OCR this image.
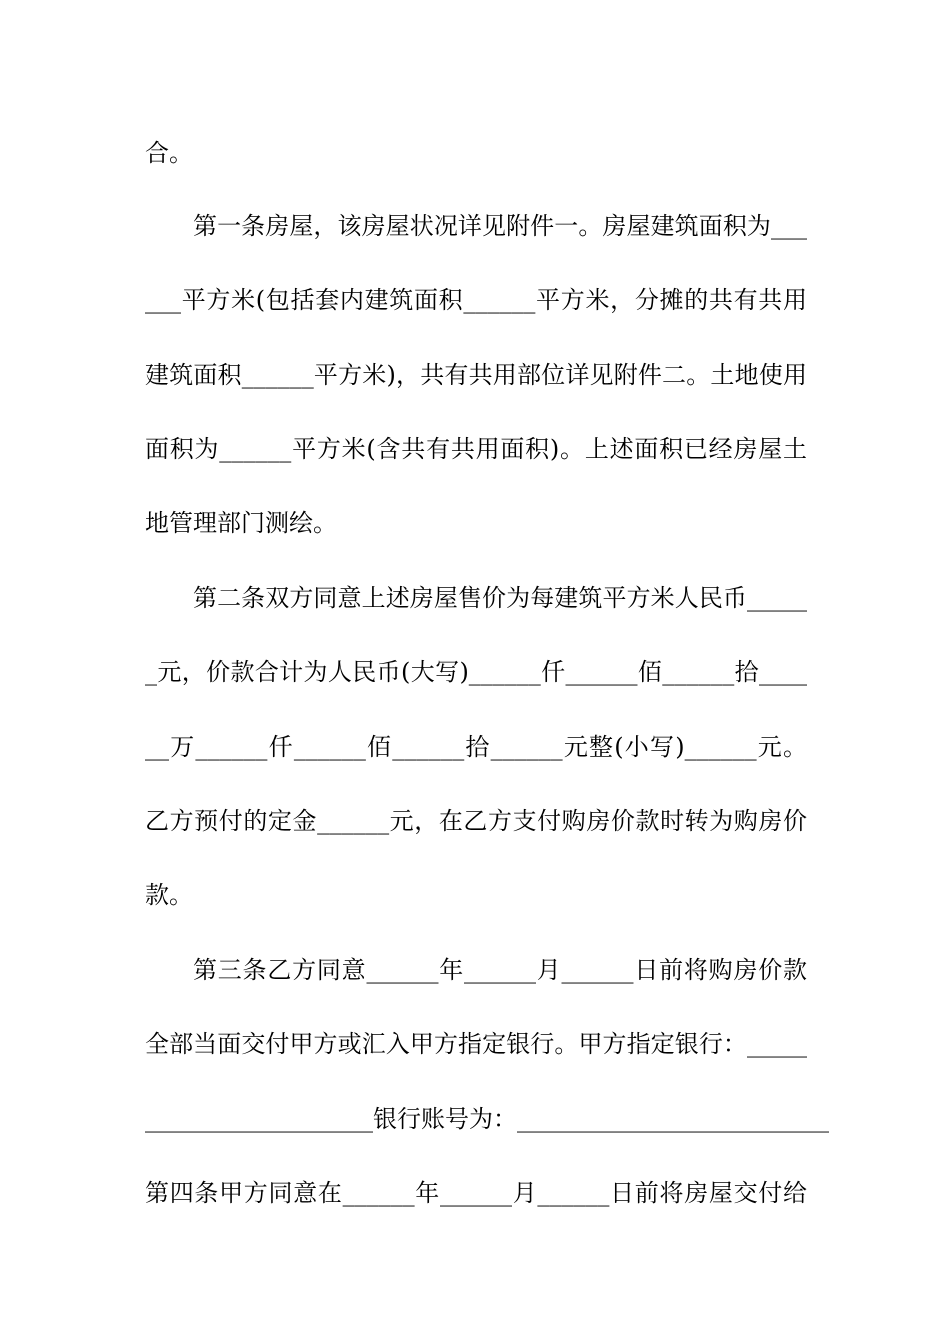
合。
第一条房屋，该房屋状况详见附件一。房屋建筑面积为___
___平方米(包括套内建筑面积______平方米，分摊的共有共用
建筑面积______平方米)，共有共用部位详见附件二。土地使用
面积为______平方米(含共有共用面积)。上述面积已经房屋土
地管理部门测绘。
第二条双方同意上述房屋售价为每建筑平方米人民币_____
_元，价款合计为人民币(大写)______仟______佰______拾____
__万______仟______佰______拾______元整(小写)______元。
乙方预付的定金______元，在乙方支付购房价款时转为购房价
款。
第三条乙方同意______年______月______日前将购房价款
全部当面交付甲方或汇入甲方指定银行。甲方指定银行：_____
___________________银行账号为：__________________________
第四条甲方同意在______年______月______日前将房屋交付给
